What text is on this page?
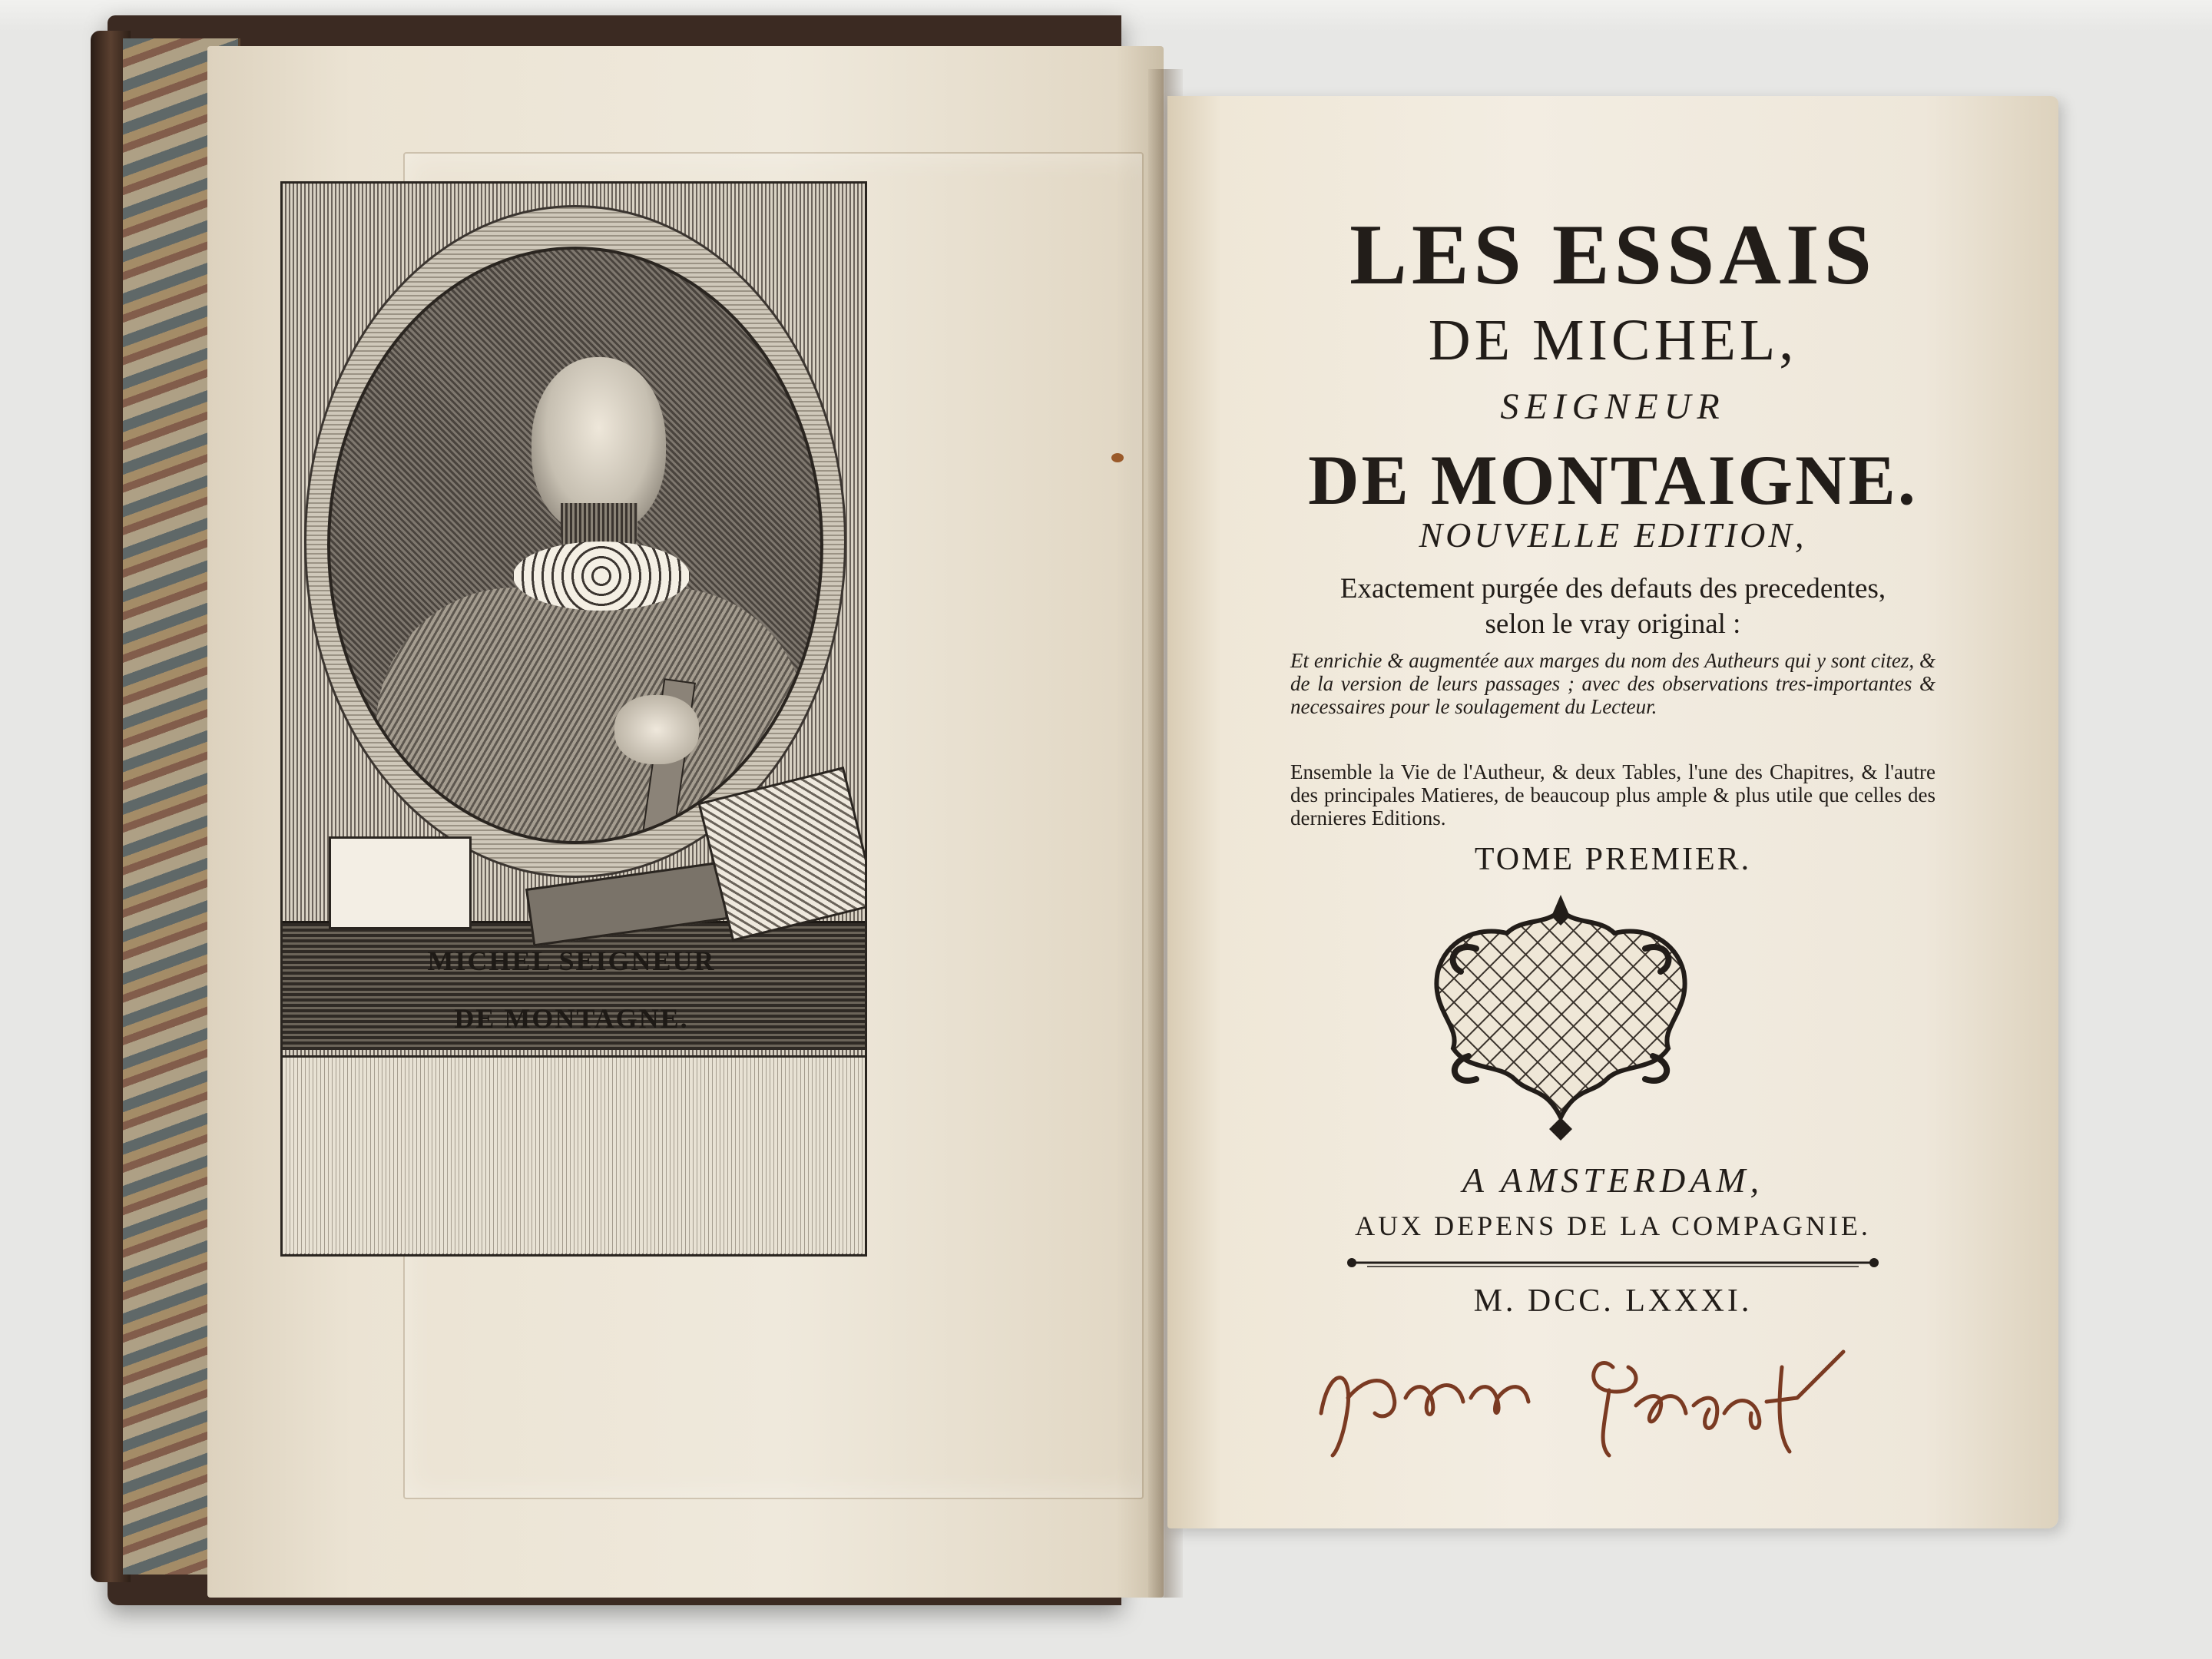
MICHEL SEIGNEUR
DE MONTAGNE.
LES ESSAIS
DE MICHEL,
SEIGNEUR
DE MONTAIGNE.
NOUVELLE EDITION,
Exactement purgée des defauts des precedentes,
selon le vray original :
Et enrichie & augmentée aux marges du nom des Autheurs qui y sont citez, & de la version de leurs passages ; avec des observations tres-importantes & necessaires pour le soulagement du Lecteur.
Ensemble la Vie de l'Autheur, & deux Tables, l'une des Chapitres, & l'autre des principales Matieres, de beaucoup plus ample & plus utile que celles des dernieres Editions.
TOME PREMIER.
A AMSTERDAM,
AUX DEPENS DE LA COMPAGNIE.
M. DCC. LXXXI.
